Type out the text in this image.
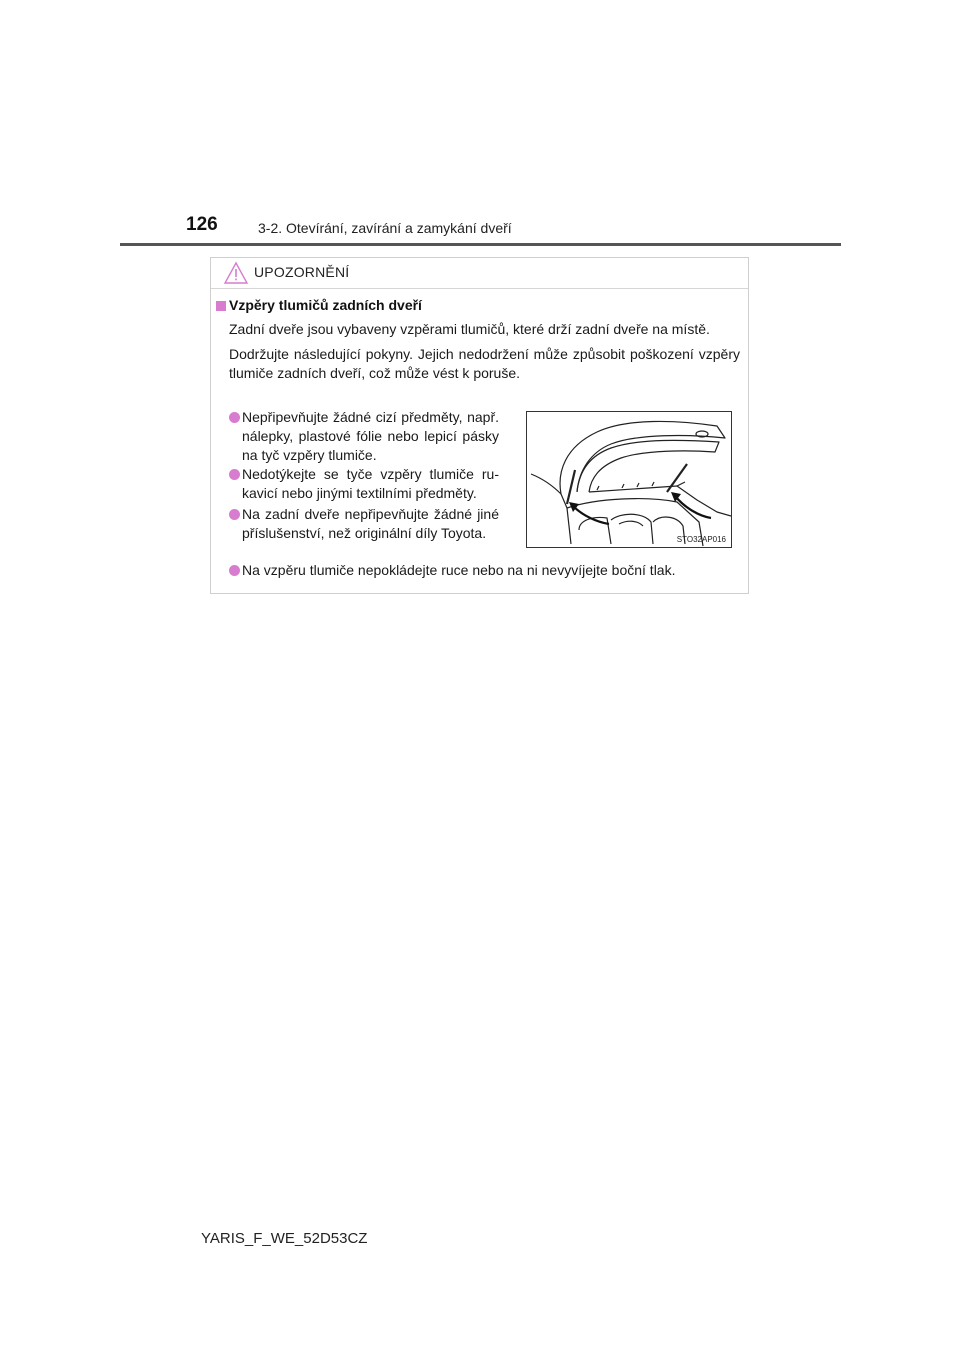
126	3-2. Otevírání, zavírání a zamykání dveří
UPOZORNĚNÍ
Vzpěry tlumičů zadních dveří

Zadní dveře jsou vybaveny vzpěrami tlumičů, které drží zadní dveře na místě.

Dodržujte následující pokyny. Jejich nedodržení může způsobit poškození vzpěry tlumiče zadních dveří, což může vést k poruše.

Nepřipevňujte žádné cizí předměty, např. nálepky, plastové fólie nebo lepicí pásky na tyč vzpěry tlumiče.

Nedotýkejte se tyče vzpěry tlumiče ru- kavicí nebo jinými textilními předměty.

Na zadní dveře nepřipevňujte žádné jiné příslušenství, než originální díly Toyota.

Na vzpěru tlumiče nepokládejte ruce nebo na ni nevyvíjejte boční tlak.

STO32AP016
YARIS_F_WE_52D53CZ
